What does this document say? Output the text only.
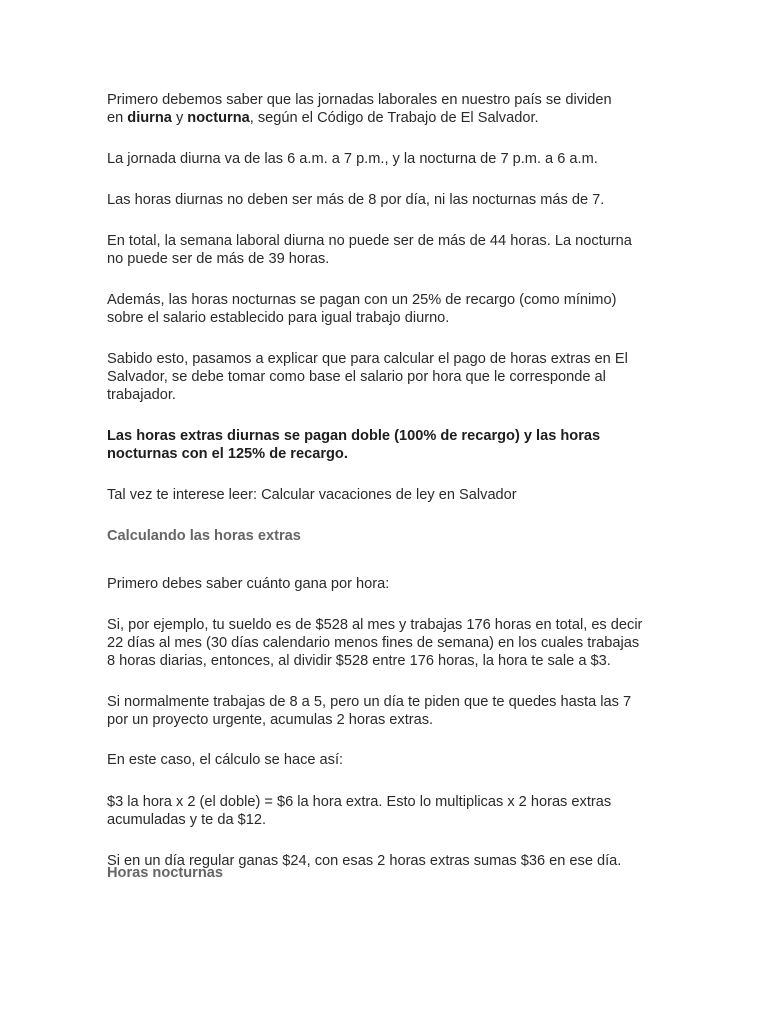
Primero debemos saber que las jornadas laborales en nuestro país se dividen
en diurna y nocturna, según el Código de Trabajo de El Salvador.

La jornada diurna va de las 6 a.m. a 7 p.m., y la nocturna de 7 p.m. a 6 a.m.

Las horas diurnas no deben ser más de 8 por día, ni las nocturnas más de 7.

En total, la semana laboral diurna no puede ser de más de 44 horas. La nocturna
no puede ser de más de 39 horas.

Además, las horas nocturnas se pagan con un 25% de recargo (como mínimo)
sobre el salario establecido para igual trabajo diurno.

Sabido esto, pasamos a explicar que para calcular el pago de horas extras en El
Salvador, se debe tomar como base el salario por hora que le corresponde al
trabajador.

Las horas extras diurnas se pagan doble (100% de recargo) y las horas
nocturnas con el 125% de recargo.

Tal vez te interese leer: Calcular vacaciones de ley en Salvador

Calculando las horas extras

Primero debes saber cuánto gana por hora:

Si, por ejemplo, tu sueldo es de $528 al mes y trabajas 176 horas en total, es decir
22 días al mes (30 días calendario menos fines de semana) en los cuales trabajas
8 horas diarias, entonces, al dividir $528 entre 176 horas, la hora te sale a $3.

Si normalmente trabajas de 8 a 5, pero un día te piden que te quedes hasta las 7
por un proyecto urgente, acumulas 2 horas extras.

En este caso, el cálculo se hace así:

$3 la hora x 2 (el doble) = $6 la hora extra. Esto lo multiplicas x 2 horas extras
acumuladas y te da $12.

Si en un día regular ganas $24, con esas 2 horas extras sumas $36 en ese día.

Horas nocturnas
